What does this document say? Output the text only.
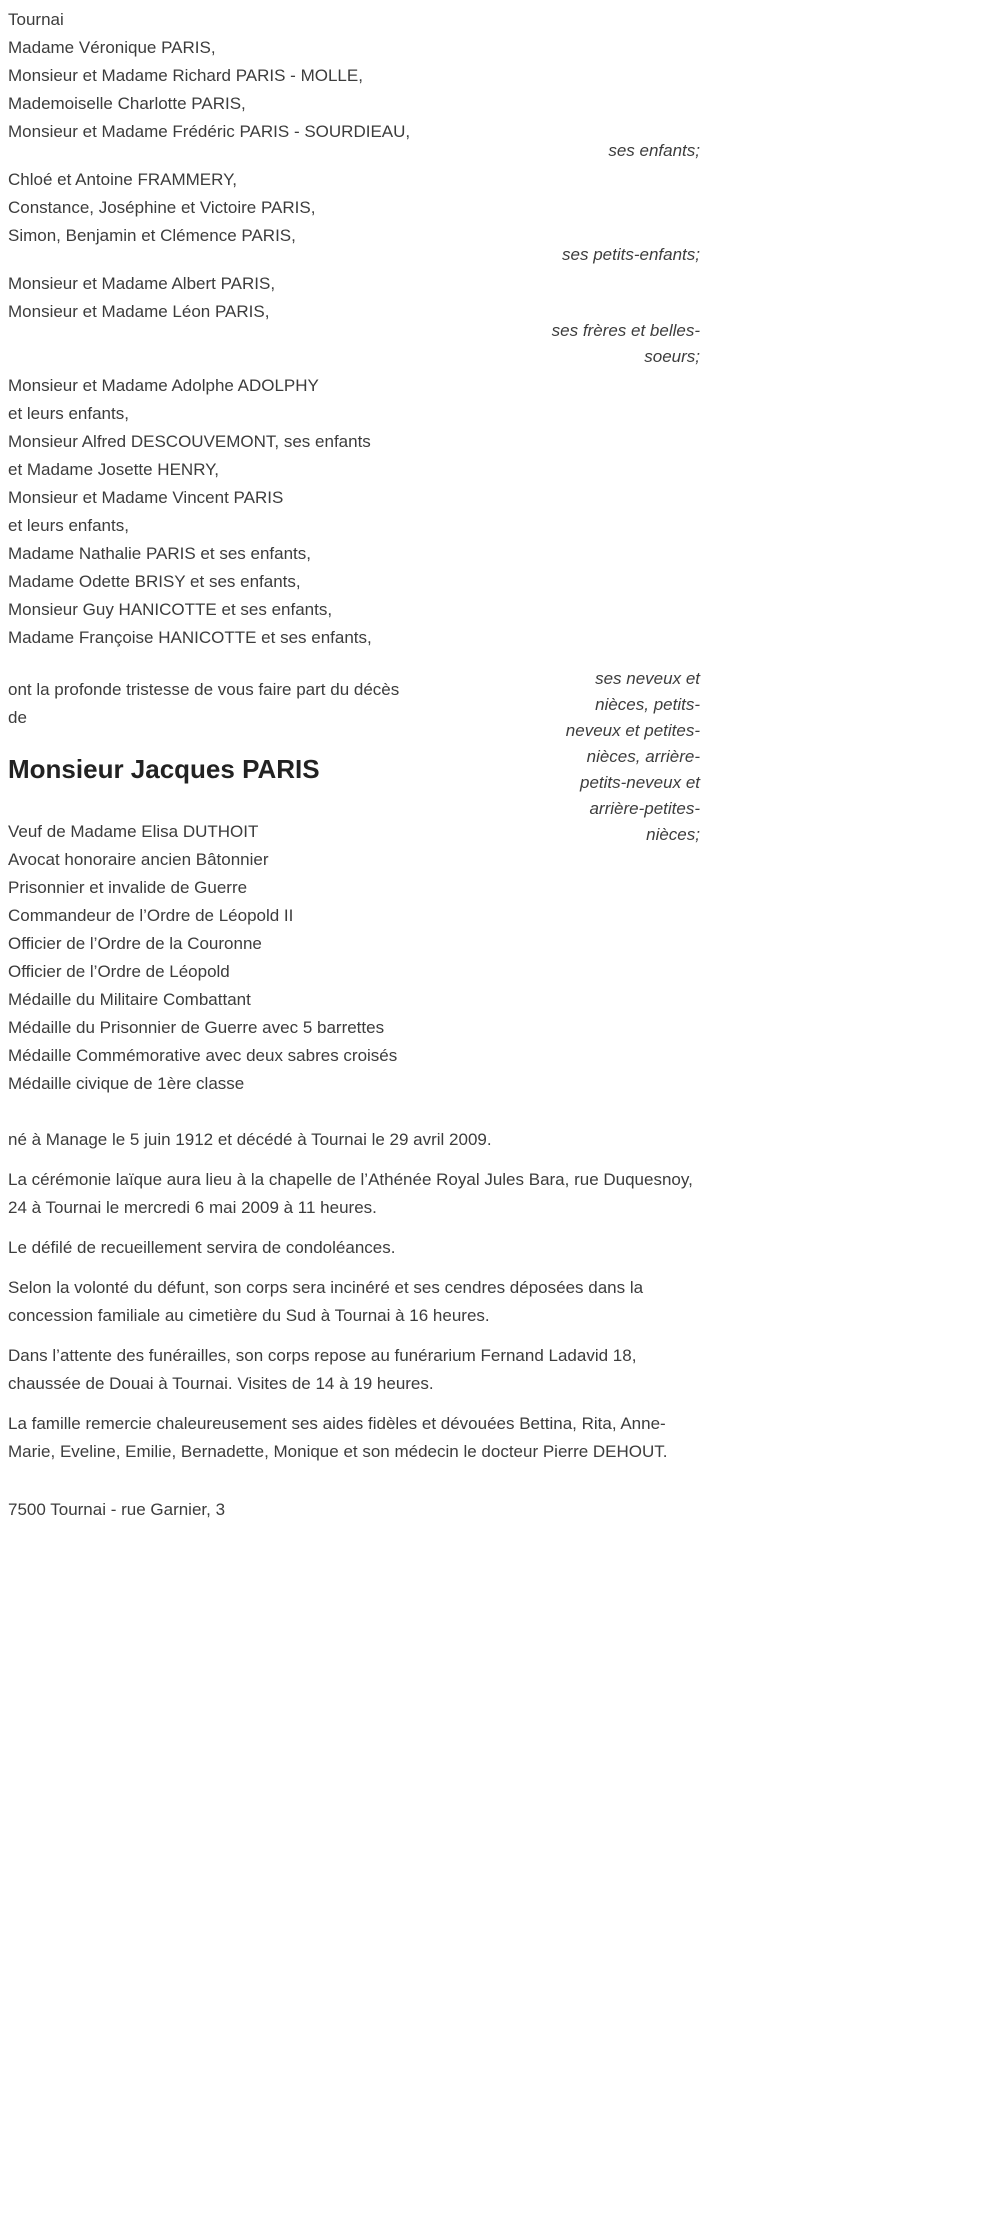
Tournai
Madame Véronique PARIS,
Monsieur et Madame Richard PARIS - MOLLE,
Mademoiselle Charlotte PARIS,
Monsieur et Madame Frédéric PARIS - SOURDIEAU,
ses enfants;
Chloé et Antoine FRAMMERY,
Constance, Joséphine et Victoire PARIS,
Simon, Benjamin et Clémence PARIS,
ses petits-enfants;
Monsieur et Madame Albert PARIS,
Monsieur et Madame Léon PARIS,
ses frères et belles-soeurs;
Monsieur et Madame Adolphe ADOLPHY
et leurs enfants,
Monsieur Alfred DESCOUVEMONT, ses enfants
et Madame Josette HENRY,
Monsieur et Madame Vincent PARIS
et leurs enfants,
Madame Nathalie PARIS et ses enfants,
Madame Odette BRISY et ses enfants,
Monsieur Guy HANICOTTE et ses enfants,
Madame Françoise HANICOTTE et ses enfants,
ses neveux et nièces, petits-neveux et petites-nièces, arrière-petits-neveux et arrière-petites-nièces;
ont la profonde tristesse de vous faire part du décès
de
Monsieur Jacques PARIS
Veuf de Madame Elisa DUTHOIT
Avocat honoraire ancien Bâtonnier
Prisonnier et invalide de Guerre
Commandeur de l’Ordre de Léopold II
Officier de l’Ordre de la Couronne
Officier de l’Ordre de Léopold
Médaille du Militaire Combattant
Médaille du Prisonnier de Guerre avec 5 barrettes
Médaille Commémorative avec deux sabres croisés
Médaille civique de 1ère classe

né à Manage le 5 juin 1912 et décédé à Tournai le 29 avril 2009.

La cérémonie laïque aura lieu à la chapelle de l’Athénée Royal Jules Bara, rue Duquesnoy, 24 à Tournai le mercredi 6 mai 2009 à 11 heures.

Le défilé de recueillement servira de condoléances.

Selon la volonté du défunt, son corps sera incinéré et ses cendres déposées dans la concession familiale au cimetière du Sud à Tournai à 16 heures.

Dans l’attente des funérailles, son corps repose au funérarium Fernand Ladavid 18, chaussée de Douai à Tournai. Visites de 14 à 19 heures.

La famille remercie chaleureusement ses aides fidèles et dévouées Bettina, Rita, Anne-Marie, Eveline, Emilie, Bernadette, Monique et son médecin le docteur Pierre DEHOUT.

7500 Tournai - rue Garnier, 3
